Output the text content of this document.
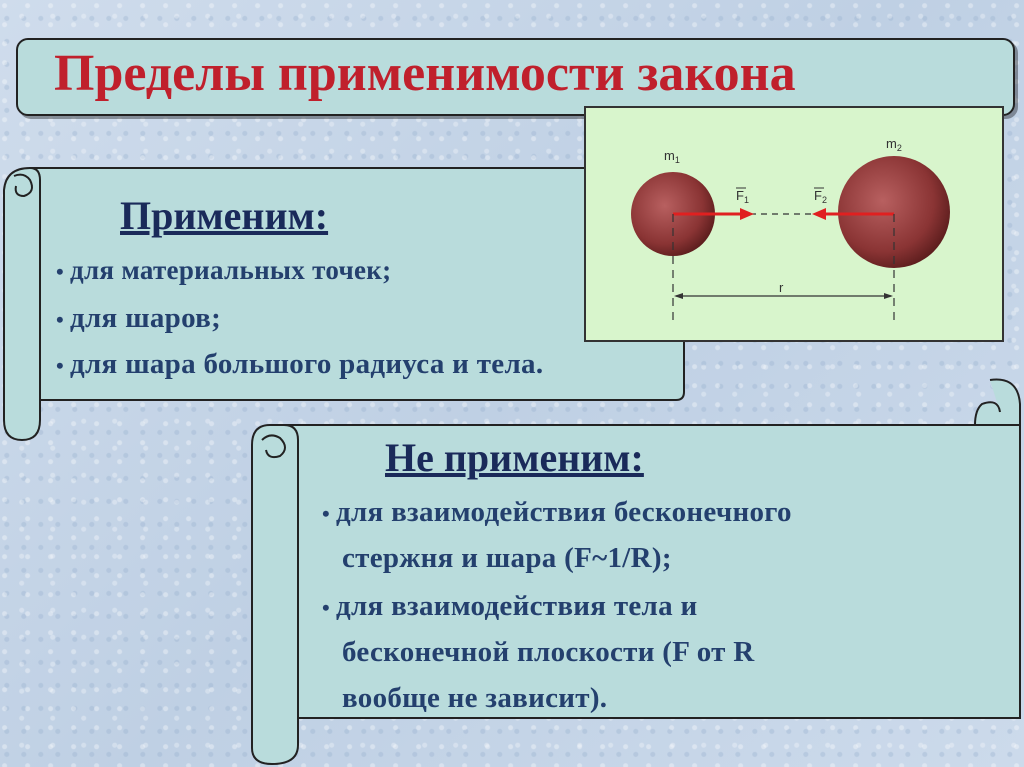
Пределы применимости закона
Применим:
• для материальных точек;
• для шаров;
• для шара большого радиуса и тела.
Не применим:
• для взаимодействия бесконечного
стержня и шара (F~1/R);
• для взаимодействия тела и
бесконечной плоскости (F от R
вообще не зависит).
$m_1$
$m_2$
$F_1$	$F_2$
r
